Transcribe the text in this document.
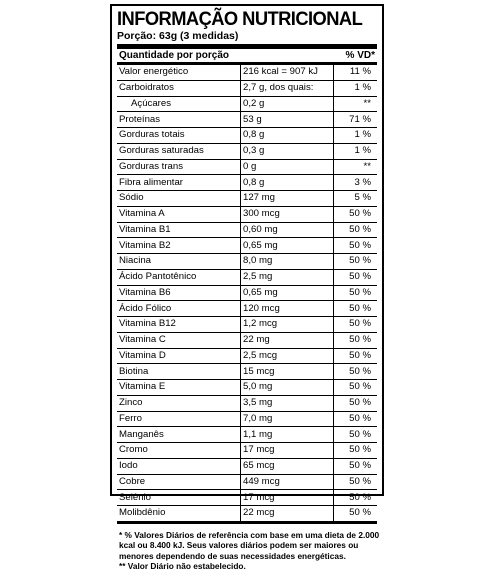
INFORMAÇÃO NUTRICIONAL
Porção: 63g (3 medidas)
Quantidade por porção	% VD*
Valor energético	216 kcal = 907 kJ	11 %
Carboidratos	2,7 g, dos quais:	1 %
Açúcares	0,2 g	**
Proteínas	53 g	71 %
Gorduras totais	0,8 g	1 %
Gorduras saturadas	0,3 g	1 %
Gorduras trans	0 g	**
Fibra alimentar	0,8 g	3 %
Sódio	127 mg	5 %
Vitamina A	300 mcg	50 %
Vitamina B1	0,60 mg	50 %
Vitamina B2	0,65 mg	50 %
Niacina	8,0 mg	50 %
Ácido Pantotênico	2,5 mg	50 %
Vitamina B6	0,65 mg	50 %
Ácido Fólico	120 mcg	50 %
Vitamina B12	1,2 mcg	50 %
Vitamina C	22 mg	50 %
Vitamina D	2,5 mcg	50 %
Biotina	15 mcg	50 %
Vitamina E	5,0 mg	50 %
Zinco	3,5 mg	50 %
Ferro	7,0 mg	50 %
Manganês	1,1 mg	50 %
Cromo	17 mcg	50 %
Iodo	65 mcg	50 %
Cobre	449 mcg	50 %
Selênio	17 mcg	50 %
Molibdênio	22 mcg	50 %
* % Valores Diários de referência com base em uma dieta de 2.000
kcal ou 8.400 kJ. Seus valores diários podem ser maiores ou
menores dependendo de suas necessidades energéticas.
** Valor Diário não estabelecido.
